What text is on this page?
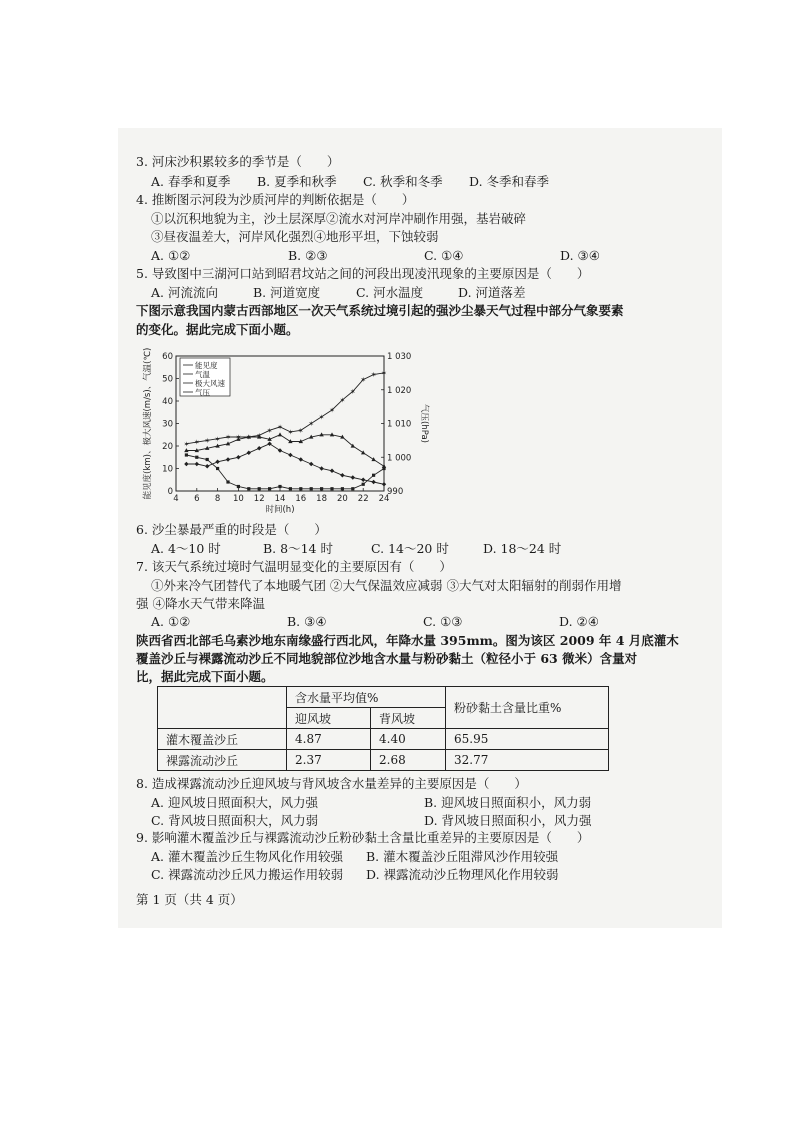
3. 河床沙积累较多的季节是（　　）
A. 春季和夏季 B. 夏季和秋季 C. 秋季和冬季 D. 冬季和春季
4. 推断图示河段为沙质河岸的判断依据是（　　）
①以沉积地貌为主，沙土层深厚②流水对河岸冲刷作用强，基岩破碎
③昼夜温差大，河岸风化强烈④地形平坦，下蚀较弱
A. ①②	B. ②③	C. ①④	D. ③④
5. 导致图中三湖河口站到昭君坟站之间的河段出现凌汛现象的主要原因是（　　）
A. 河流流向	B. 河道宽度	C. 河水温度	D. 河道落差
下图示意我国内蒙古西部地区一次天气系统过境引起的强沙尘暴天气过程中部分气象要素
的变化。据此完成下面小题。
4 6 8 10 12 14 16 18 20 22 24
时间(h)
0
10
20
30
40
50
60
能见度(km)、极大风速(m/s)、气温(℃)	990
1 000
1 010
1 020
1 030
气压(hPa)
✶ ✶ ✶ ✶ ✶ ✶ ✶ ✶
✶ ✶
✶ ✶
✶
✶
✶
✶
✶
✶
✶ ✶
能见度
气温
极大风速
气压
6. 沙尘暴最严重的时段是（　　）
A. 4～10 时	B. 8～14 时	C. 14～20 时	D. 18～24 时
7. 该天气系统过境时气温明显变化的主要原因有（　　）
①外来冷气团替代了本地暖气团 ②大气保温效应减弱 ③大气对太阳辐射的削弱作用增
强 ④降水天气带来降温
A. ①②	B. ③④	C. ①③	D. ②④
陕西省西北部毛乌素沙地东南缘盛行西北风，年降水量 395mm。图为该区 2009 年 4 月底灌木
覆盖沙丘与裸露流动沙丘不同地貌部位沙地含水量与粉砂黏土（粒径小于 63 微米）含量对
比，据此完成下面小题。
	含水量平均值%		粉砂黏土含量比重%
	迎风坡	背风坡	
灌木覆盖沙丘	4.87	4.40	65.95
裸露流动沙丘	2.37	2.68	32.77
8. 造成裸露流动沙丘迎风坡与背风坡含水量差异的主要原因是（　　）
A. 迎风坡日照面积大，风力强	B. 迎风坡日照面积小，风力弱
C. 背风坡日照面积大，风力弱	D. 背风坡日照面积小，风力强
9. 影响灌木覆盖沙丘与裸露流动沙丘粉砂黏土含量比重差异的主要原因是（　　）
A. 灌木覆盖沙丘生物风化作用较强 B. 灌木覆盖沙丘阻滞风沙作用较强
C. 裸露流动沙丘风力搬运作用较弱 D. 裸露流动沙丘物理风化作用较弱
第 1 页（共 4 页）
